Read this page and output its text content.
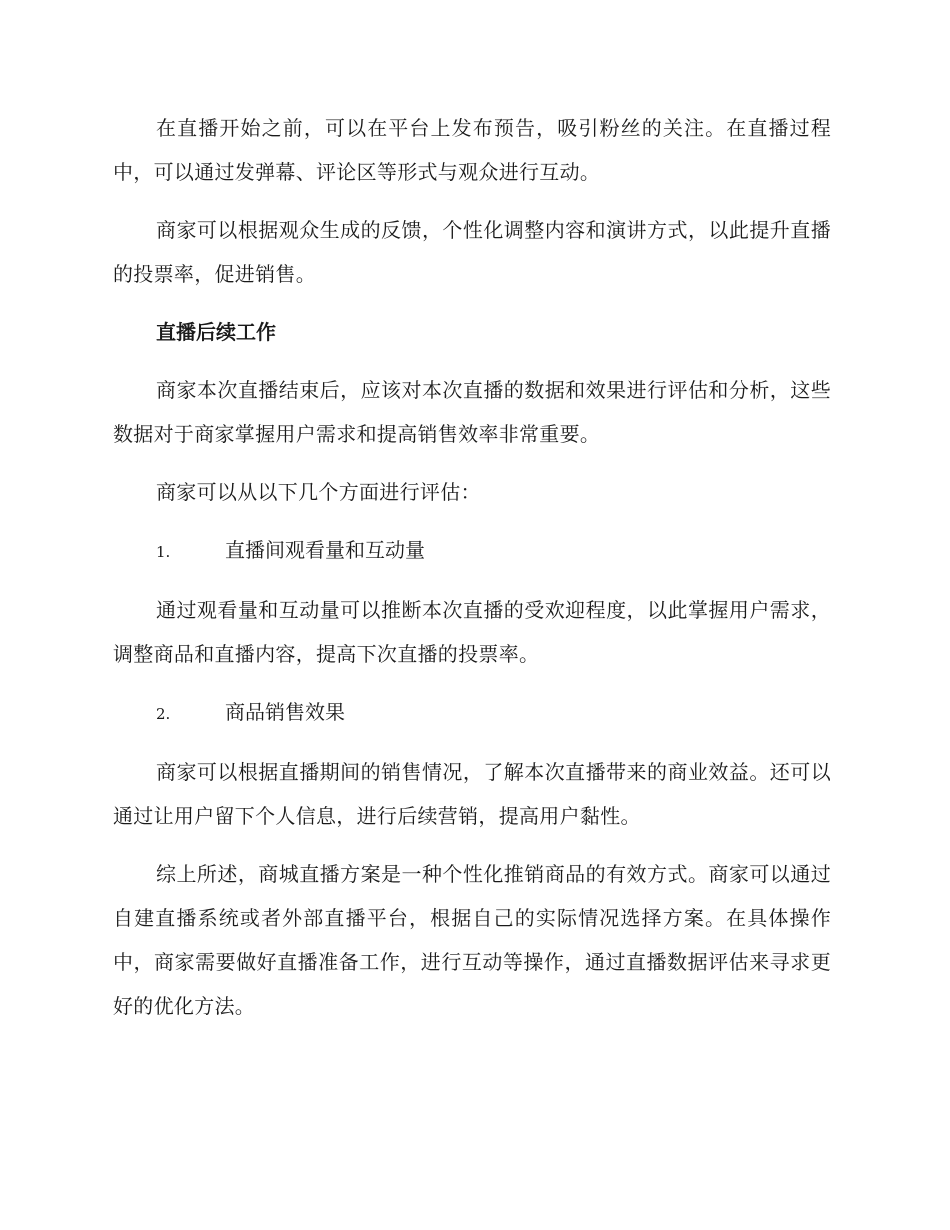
在直播开始之前，可以在平台上发布预告，吸引粉丝的关注。在直播过程中，可以通过发弹幕、评论区等形式与观众进行互动。

商家可以根据观众生成的反馈，个性化调整内容和演讲方式，以此提升直播的投票率，促进销售。

直播后续工作

商家本次直播结束后，应该对本次直播的数据和效果进行评估和分析，这些数据对于商家掌握用户需求和提高销售效率非常重要。

商家可以从以下几个方面进行评估：

1.	直播间观看量和互动量

通过观看量和互动量可以推断本次直播的受欢迎程度，以此掌握用户需求，调整商品和直播内容，提高下次直播的投票率。

2.	商品销售效果

商家可以根据直播期间的销售情况，了解本次直播带来的商业效益。还可以通过让用户留下个人信息，进行后续营销，提高用户黏性。

综上所述，商城直播方案是一种个性化推销商品的有效方式。商家可以通过自建直播系统或者外部直播平台，根据自己的实际情况选择方案。在具体操作中，商家需要做好直播准备工作，进行互动等操作，通过直播数据评估来寻求更好的优化方法。
